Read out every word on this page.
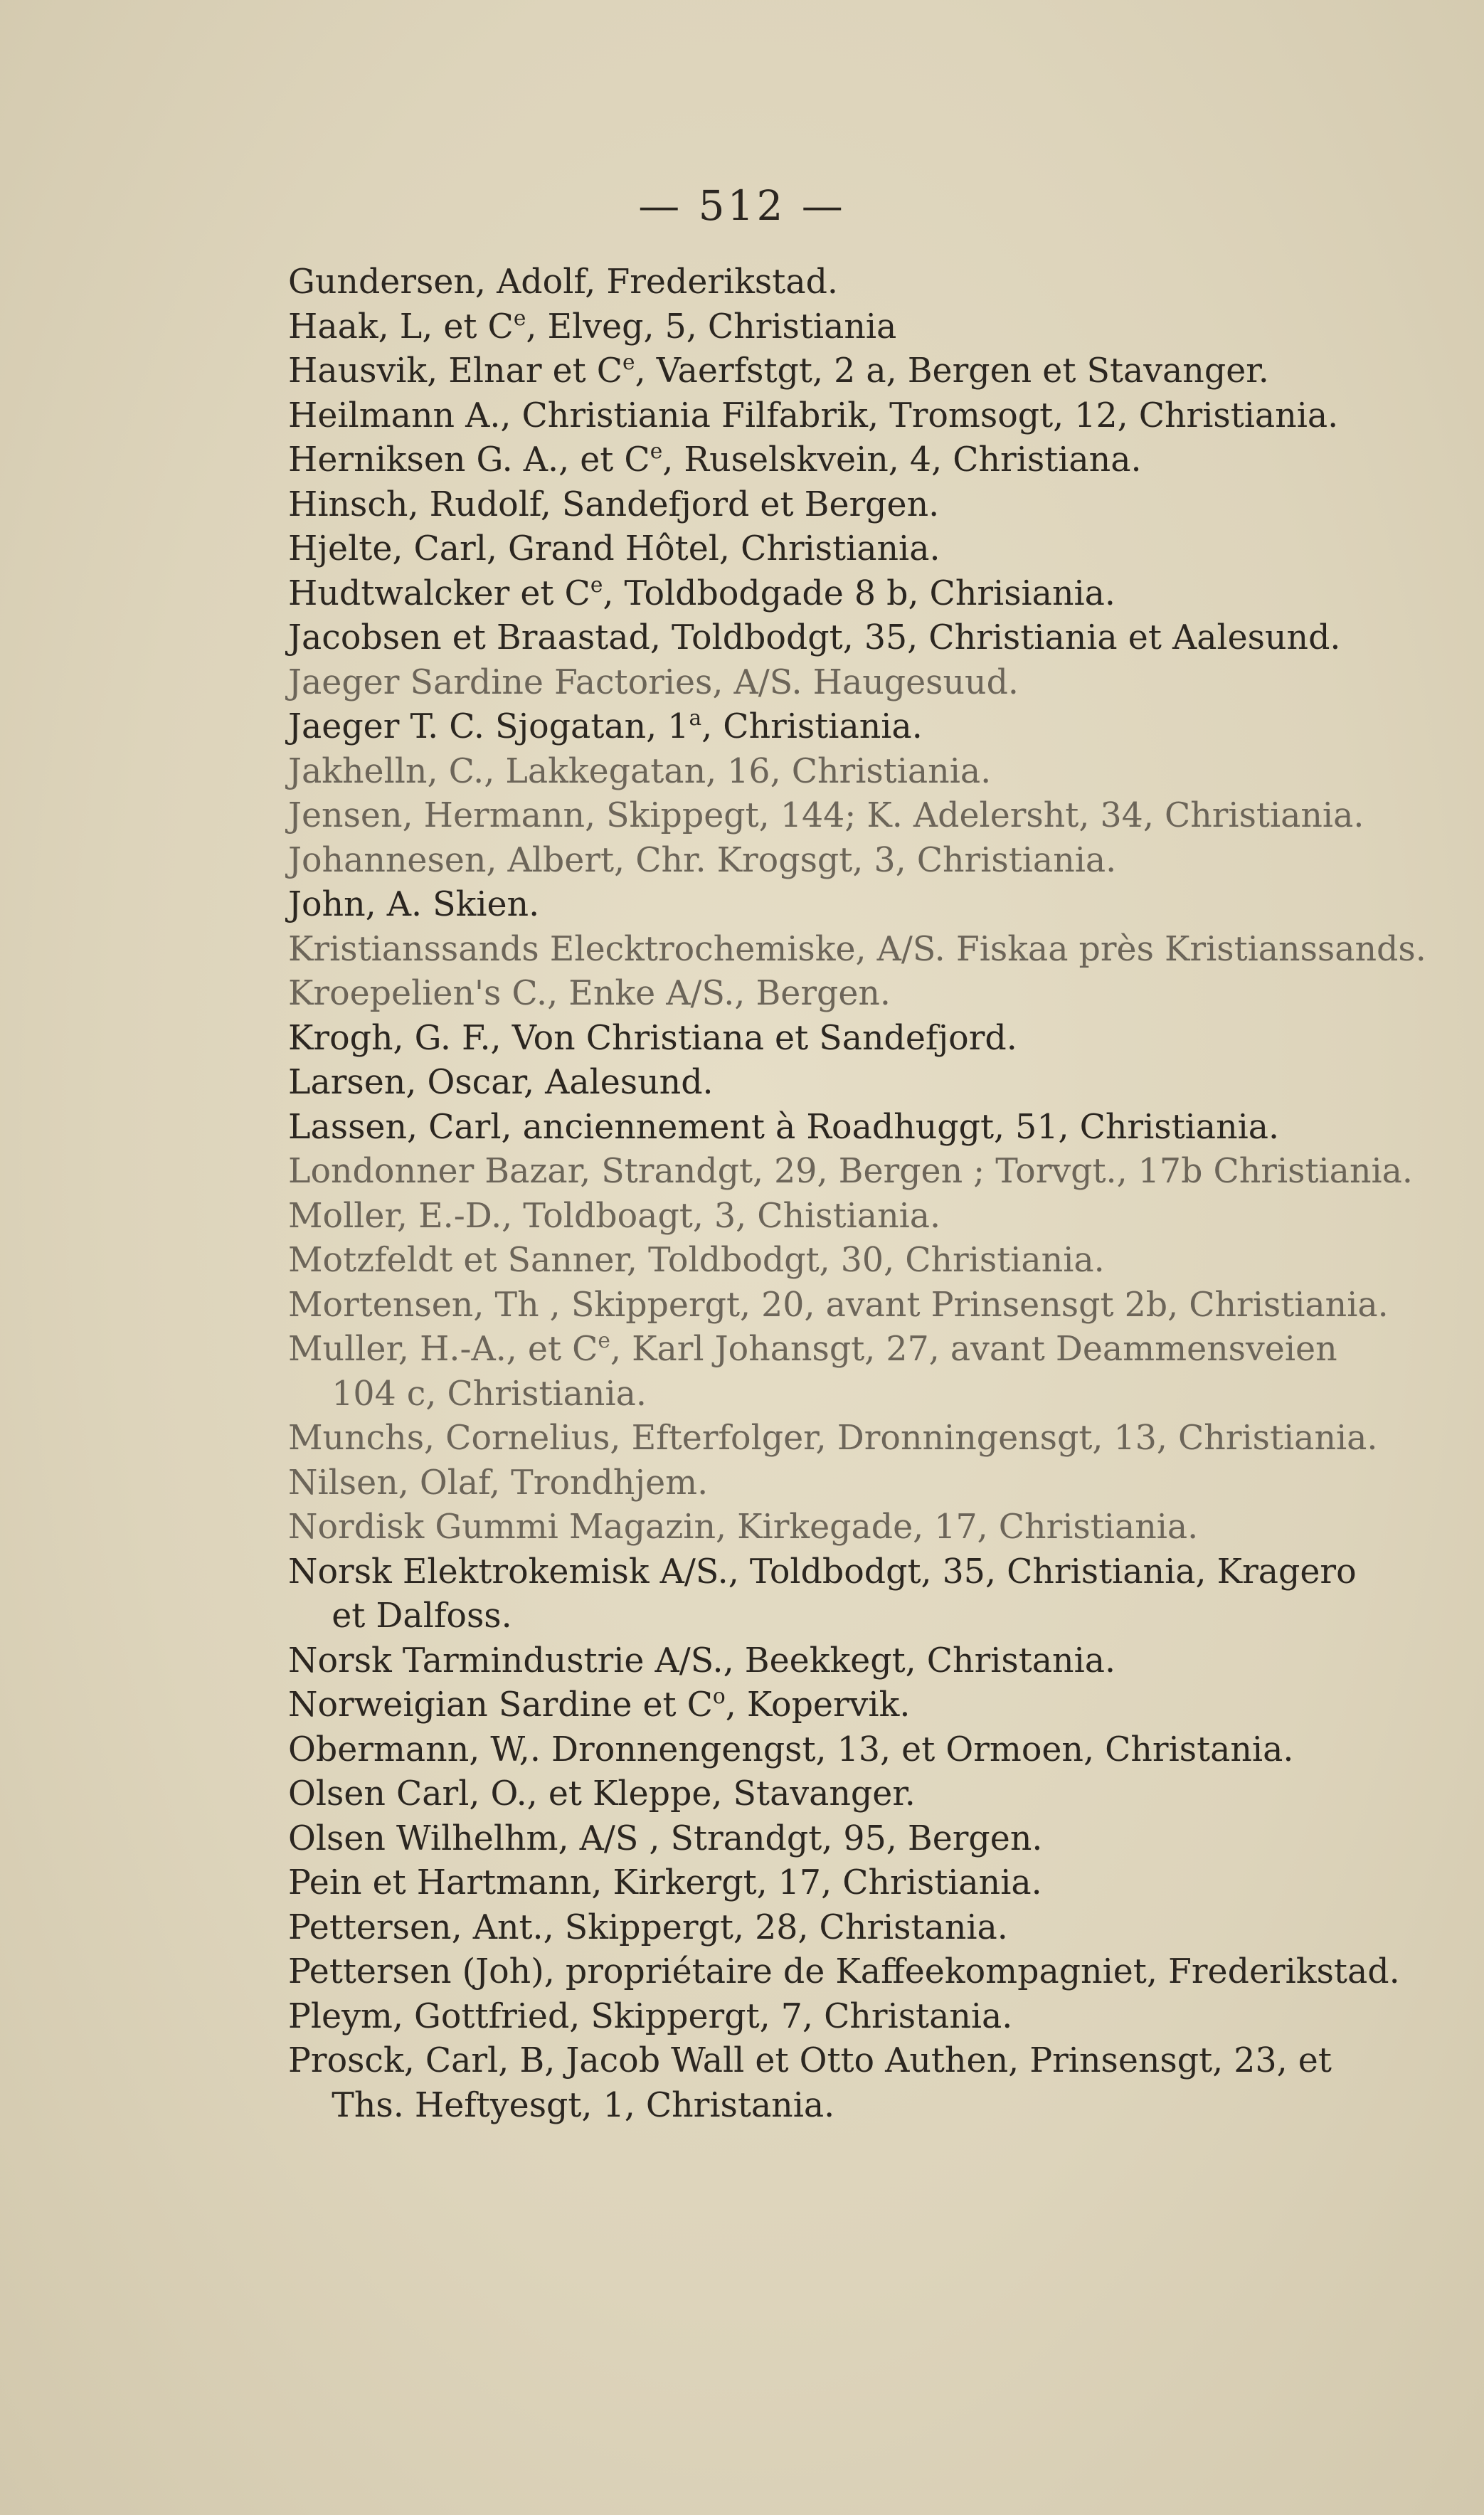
— 512 —
Gundersen, Adolf, Frederikstad.
Haak, L, et Ce, Elveg, 5, Christiania
Hausvik, Elnar et Ce, Vaerfstgt, 2 a, Bergen et Stavanger.
Heilmann A., Christiania Filfabrik, Tromsogt, 12, Christiania.
Herniksen G. A., et Ce, Ruselskvein, 4, Christiana.
Hinsch, Rudolf, Sandefjord et Bergen.
Hjelte, Carl, Grand Hôtel, Christiania.
Hudtwalcker et Ce, Toldbodgade 8 b, Chrisiania.
Jacobsen et Braastad, Toldbodgt, 35, Christiania et Aalesund.
Jaeger Sardine Factories, A/S. Haugesuud.
Jaeger T. C. Sjogatan, 1$^a$, Christiania.
Jakhelln, C., Lakkegatan, 16, Christiania.
Jensen, Hermann, Skippegt, 144; K. Adelersht, 34, Christiania.
Johannesen, Albert, Chr. Krogsgt, 3, Christiania.
John, A. Skien.
Kristianssands Elecktrochemiske, A/S. Fiskaa près Kristianssands.
Kroepelien's C., Enke A/S., Bergen.
Krogh, G. F., Von Christiana et Sandefjord.
Larsen, Oscar, Aalesund.
Lassen, Carl, anciennement à Roadhuggt, 51, Christiania.
Londonner Bazar, Strandgt, 29, Bergen ; Torvgt., 17b Christiania.
Moller, E.-D., Toldboagt, 3, Chistiania.
Motzfeldt et Sanner, Toldbodgt, 30, Christiania.
Mortensen, Th , Skippergt, 20, avant Prinsensgt 2b, Christiania.
Muller, H.-A., et Ce, Karl Johansgt, 27, avant Deammensveien
104 c, Christiania.
Munchs, Cornelius, Efterfolger, Dronningensgt, 13, Christiania.
Nilsen, Olaf, Trondhjem.
Nordisk Gummi Magazin, Kirkegade, 17, Christiania.
Norsk Elektrokemisk A/S., Toldbodgt, 35, Christiania, Kragero
et Dalfoss.
Norsk Tarmindustrie A/S., Beekkegt, Christania.
Norweigian Sardine et $C^o$, Kopervik.
Obermann, W,. Dronnengengst, 13, et Ormoen, Christania.
Olsen Carl, O., et Kleppe, Stavanger.
Olsen Wilhelhm, A/S , Strandgt, 95, Bergen.
Pein et Hartmann, Kirkergt, 17, Christiania.
Pettersen, Ant., Skippergt, 28, Christania.
Pettersen (Joh), propriétaire de Kaffeekompagniet, Frederikstad.
Pleym, Gottfried, Skippergt, 7, Christania.
Prosck, Carl, B, Jacob Wall et Otto Authen, Prinsensgt, 23, et
Ths. Heftyesgt, 1, Christania.
